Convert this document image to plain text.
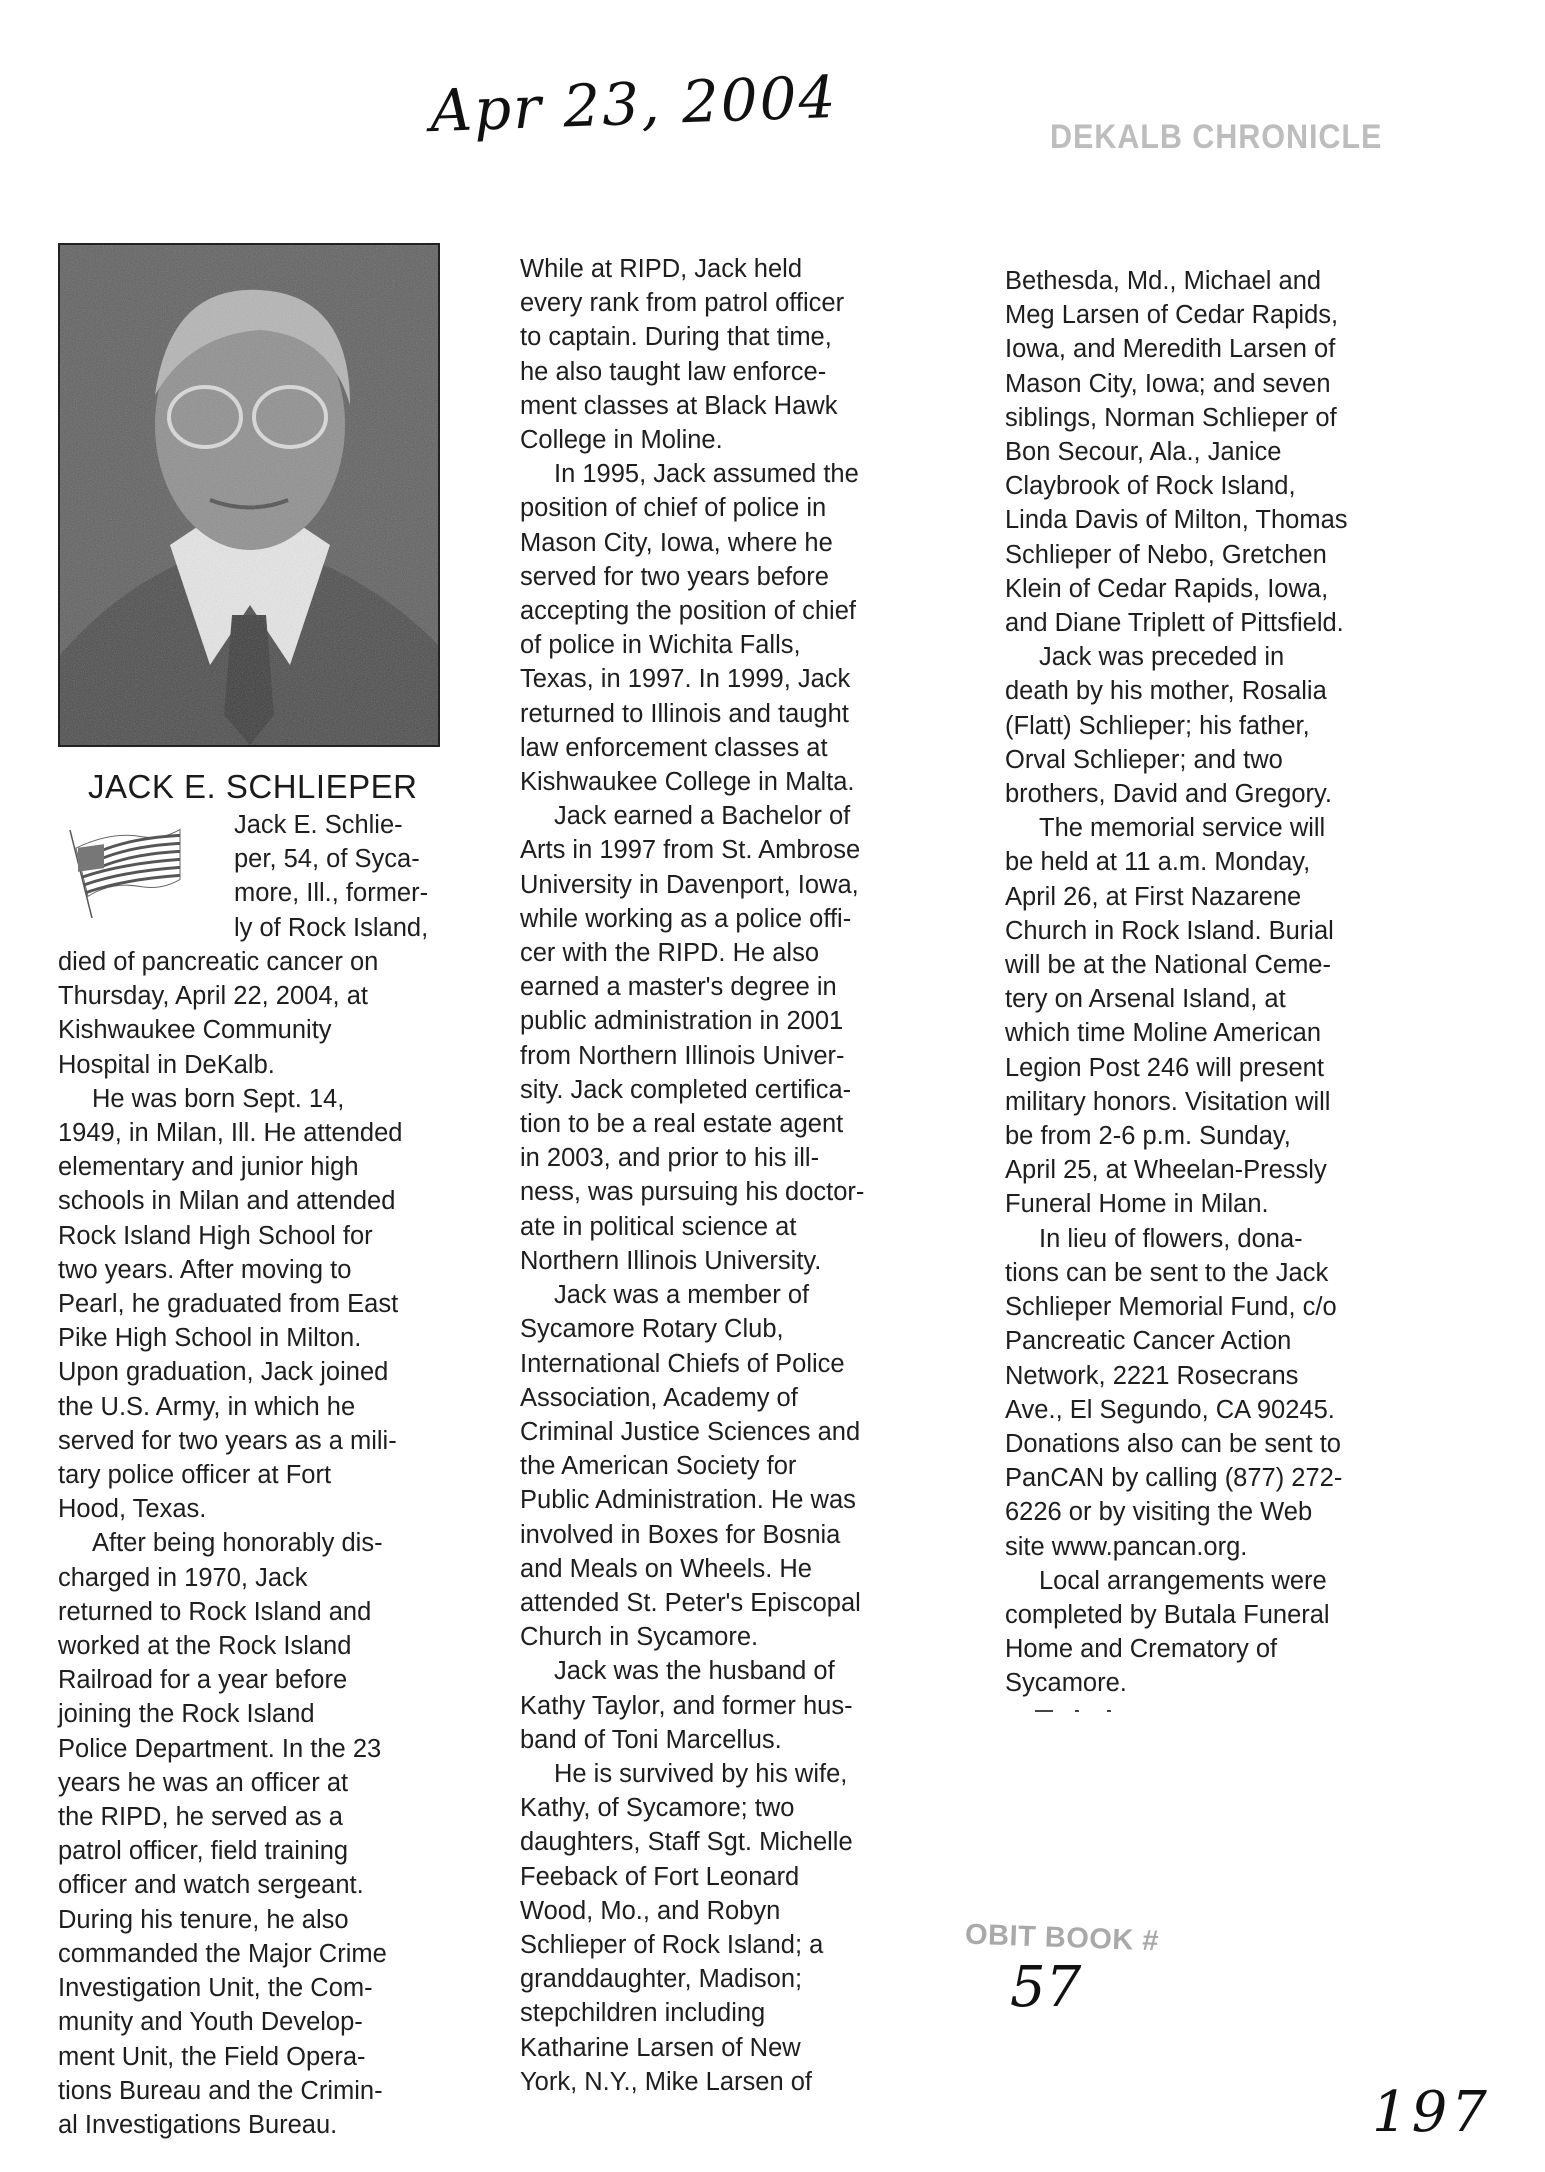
Apr 23, 2004	DEKALB CHRONICLE
JACK E. SCHLIEPER
Jack E. Schlie-
per, 54, of Syca-
more, Ill., former-
ly of Rock Island,
died of pancreatic cancer on
Thursday, April 22, 2004, at
Kishwaukee Community
Hospital in DeKalb.
He was born Sept. 14,
1949, in Milan, Ill. He attended
elementary and junior high
schools in Milan and attended
Rock Island High School for
two years. After moving to
Pearl, he graduated from East
Pike High School in Milton.
Upon graduation, Jack joined
the U.S. Army, in which he
served for two years as a mili-
tary police officer at Fort
Hood, Texas.
After being honorably dis-
charged in 1970, Jack
returned to Rock Island and
worked at the Rock Island
Railroad for a year before
joining the Rock Island
Police Department. In the 23
years he was an officer at
the RIPD, he served as a
patrol officer, field training
officer and watch sergeant.
During his tenure, he also
commanded the Major Crime
Investigation Unit, the Com-
munity and Youth Develop-
ment Unit, the Field Opera-
tions Bureau and the Crimin-
al Investigations Bureau.
While at RIPD, Jack held
every rank from patrol officer
to captain. During that time,
he also taught law enforce-
ment classes at Black Hawk
College in Moline.
In 1995, Jack assumed the
position of chief of police in
Mason City, Iowa, where he
served for two years before
accepting the position of chief
of police in Wichita Falls,
Texas, in 1997. In 1999, Jack
returned to Illinois and taught
law enforcement classes at
Kishwaukee College in Malta.
Jack earned a Bachelor of
Arts in 1997 from St. Ambrose
University in Davenport, Iowa,
while working as a police offi-
cer with the RIPD. He also
earned a master's degree in
public administration in 2001
from Northern Illinois Univer-
sity. Jack completed certifica-
tion to be a real estate agent
in 2003, and prior to his ill-
ness, was pursuing his doctor-
ate in political science at
Northern Illinois University.
Jack was a member of
Sycamore Rotary Club,
International Chiefs of Police
Association, Academy of
Criminal Justice Sciences and
the American Society for
Public Administration. He was
involved in Boxes for Bosnia
and Meals on Wheels. He
attended St. Peter's Episcopal
Church in Sycamore.
Jack was the husband of
Kathy Taylor, and former hus-
band of Toni Marcellus.
He is survived by his wife,
Kathy, of Sycamore; two
daughters, Staff Sgt. Michelle
Feeback of Fort Leonard
Wood, Mo., and Robyn
Schlieper of Rock Island; a
granddaughter, Madison;
stepchildren including
Katharine Larsen of New
York, N.Y., Mike Larsen of
Bethesda, Md., Michael and
Meg Larsen of Cedar Rapids,
Iowa, and Meredith Larsen of
Mason City, Iowa; and seven
siblings, Norman Schlieper of
Bon Secour, Ala., Janice
Claybrook of Rock Island,
Linda Davis of Milton, Thomas
Schlieper of Nebo, Gretchen
Klein of Cedar Rapids, Iowa,
and Diane Triplett of Pittsfield.
Jack was preceded in
death by his mother, Rosalia
(Flatt) Schlieper; his father,
Orval Schlieper; and two
brothers, David and Gregory.
The memorial service will
be held at 11 a.m. Monday,
April 26, at First Nazarene
Church in Rock Island. Burial
will be at the National Ceme-
tery on Arsenal Island, at
which time Moline American
Legion Post 246 will present
military honors. Visitation will
be from 2-6 p.m. Sunday,
April 25, at Wheelan-Pressly
Funeral Home in Milan.
In lieu of flowers, dona-
tions can be sent to the Jack
Schlieper Memorial Fund, c/o
Pancreatic Cancer Action
Network, 2221 Rosecrans
Ave., El Segundo, CA 90245.
Donations also can be sent to
PanCAN by calling (877) 272-
6226 or by visiting the Web
site www.pancan.org.
Local arrangements were
completed by Butala Funeral
Home and Crematory of
Sycamore.
OBIT BOOK #
57
197
